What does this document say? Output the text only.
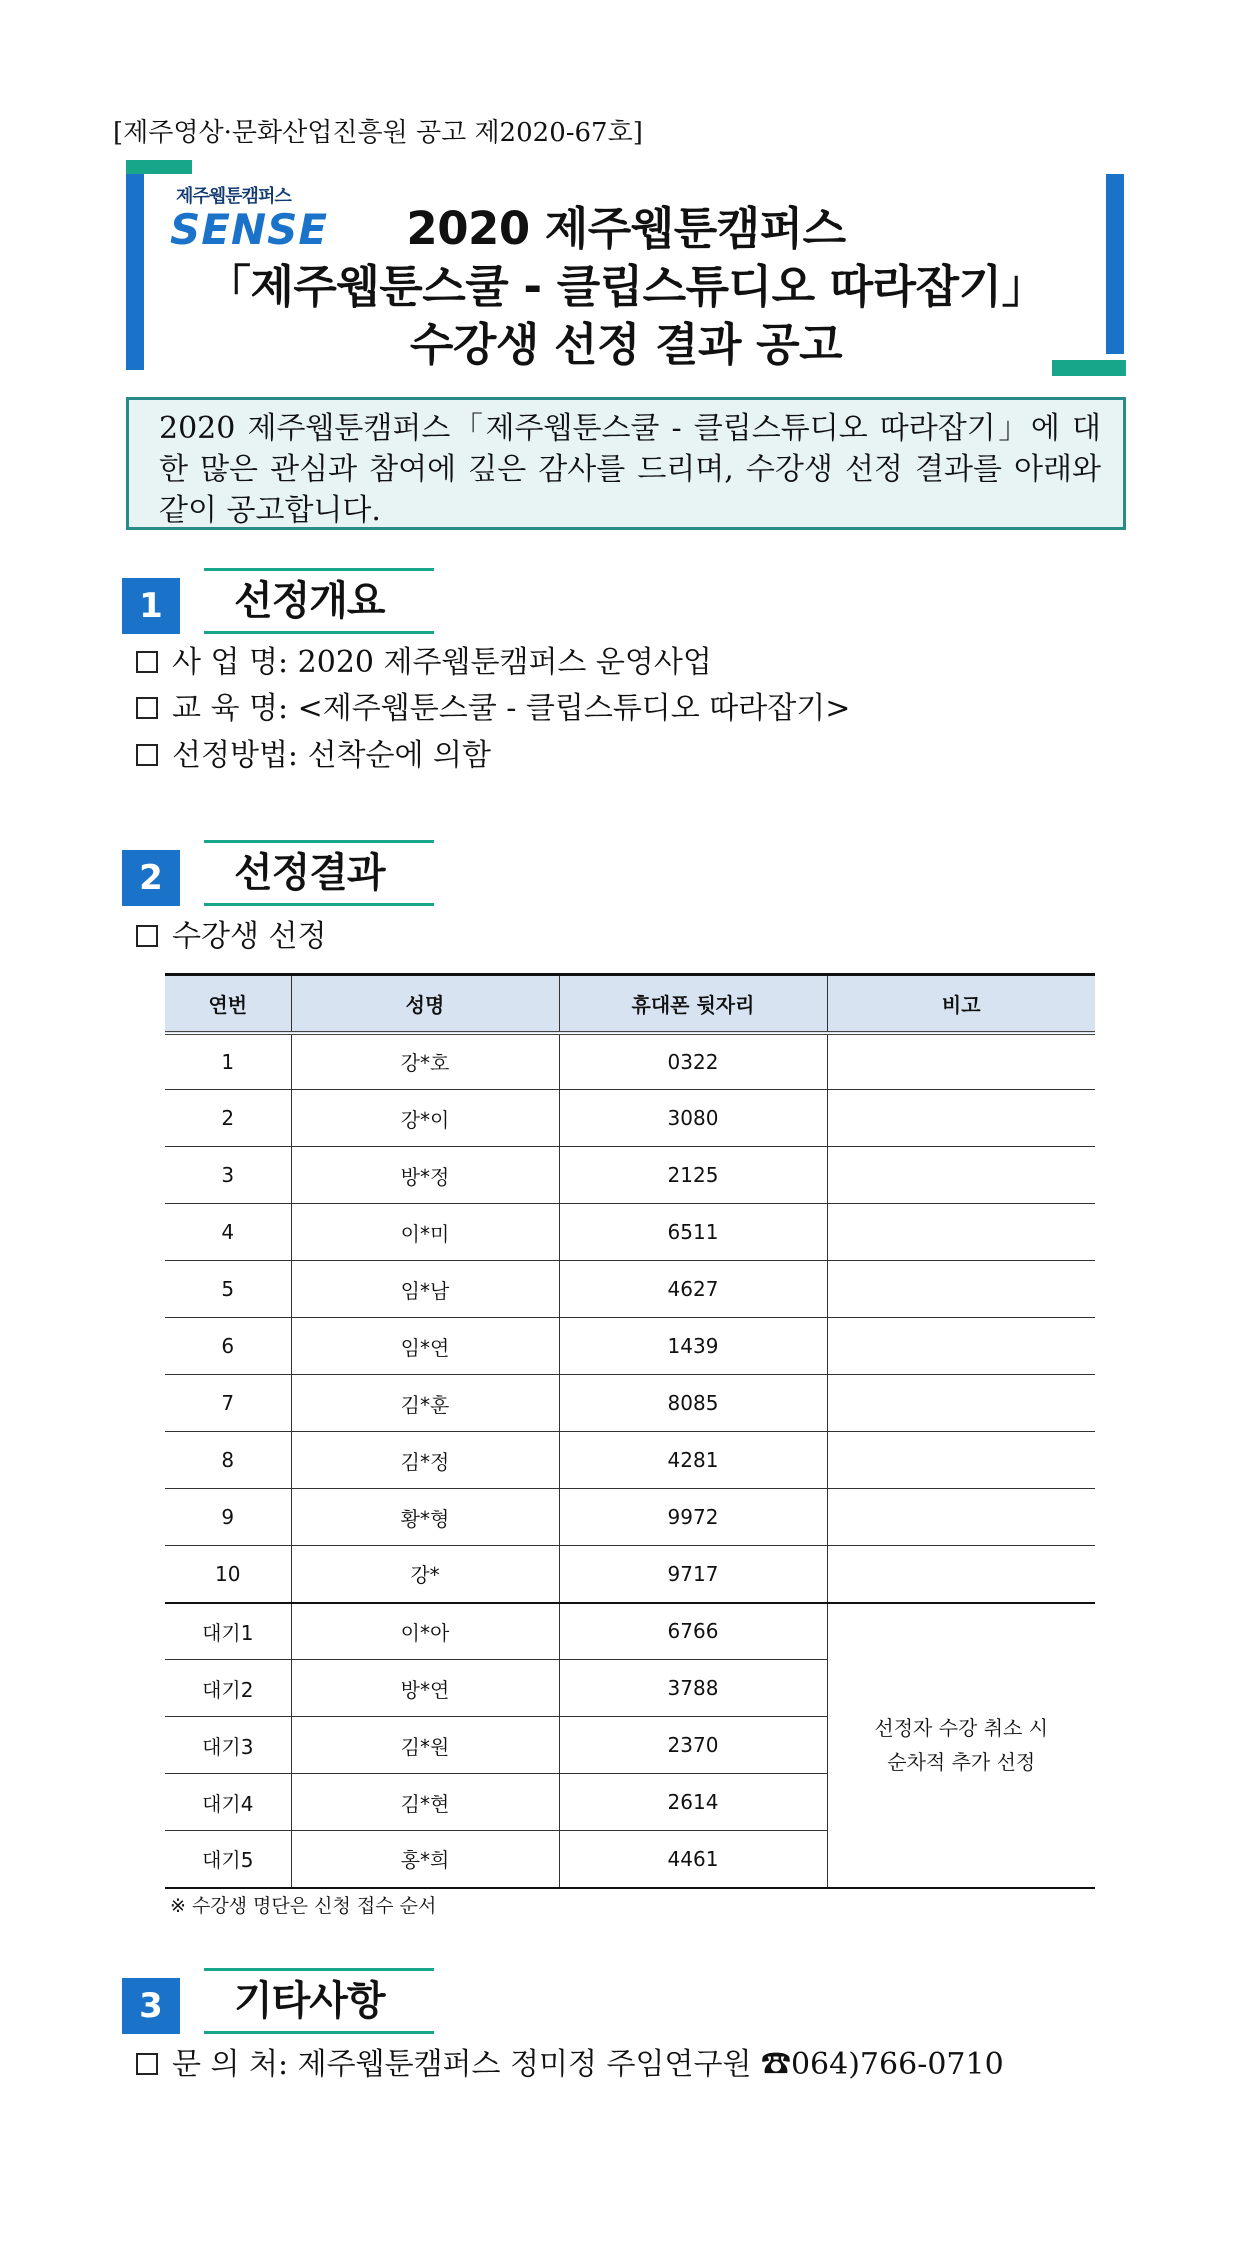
[제주영상·문화산업진흥원 공고 제2020-67호]
제주웹툰캠퍼스
SENSE	2020 제주웹툰캠퍼스
「제주웹툰스쿨 - 클립스튜디오 따라잡기」
수강생 선정 결과 공고
2020 제주웹툰캠퍼스「제주웹툰스쿨 - 클립스튜디오 따라잡기」에 대한 많은 관심과 참여에 깊은 감사를 드리며, 수강생 선정 결과를 아래와 같이 공고합니다.
1	선정개요
사 업 명: 2020 제주웹툰캠퍼스 운영사업
교 육 명: <제주웹툰스쿨 - 클립스튜디오 따라잡기>
선정방법: 선착순에 의함
2	선정결과
수강생 선정
연번	성명	휴대폰 뒷자리	비고
1	강*호	0322	
2	강*이	3080	
3	방*정	2125	
4	이*미	6511	
5	임*남	4627	
6	임*연	1439	
7	김*훈	8085	
8	김*정	4281	
9	황*형	9972	
10	강*	9717	
대기1	이*아	6766	선정자 수강 취소 시
순차적 추가 선정
대기2	방*연	3788	
대기3	김*원	2370	
대기4	김*현	2614	
대기5	홍*희	4461	
※ 수강생 명단은 신청 접수 순서
3	기타사항
문 의 처: 제주웹툰캠퍼스 정미정 주임연구원 ☎064)766-0710
